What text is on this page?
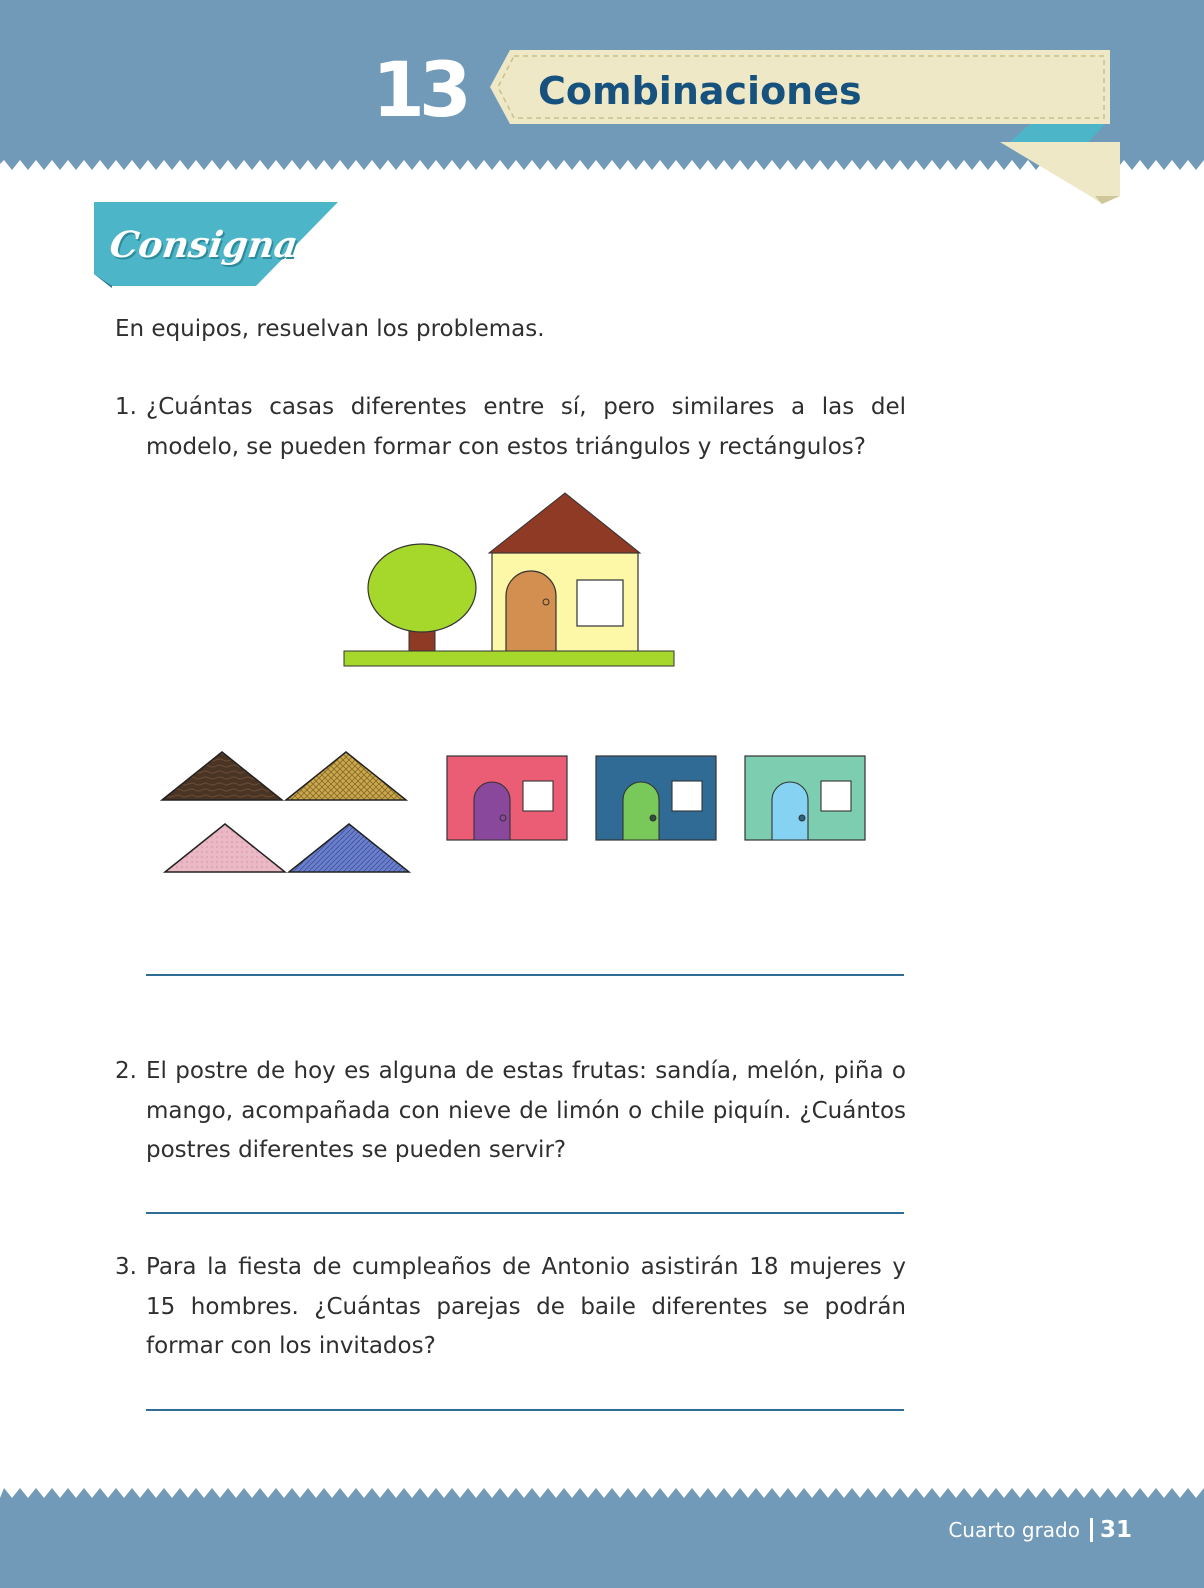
13 Combinaciones
Consigna
En equipos, resuelvan los problemas.
1. ¿Cuántas casas diferentes entre sí, pero similares a las del modelo, se pueden formar con estos triángulos y rectángulos?
2. El postre de hoy es alguna de estas frutas: sandía, melón, piña o mango, acompañada con nieve de limón o chile piquín. ¿Cuántos postres diferentes se pueden servir?
3. Para la fiesta de cumpleaños de Antonio asistirán 18 mujeres y 15 hombres. ¿Cuántas parejas de baile diferentes se podrán formar con los invitados?
Cuarto grado 31
